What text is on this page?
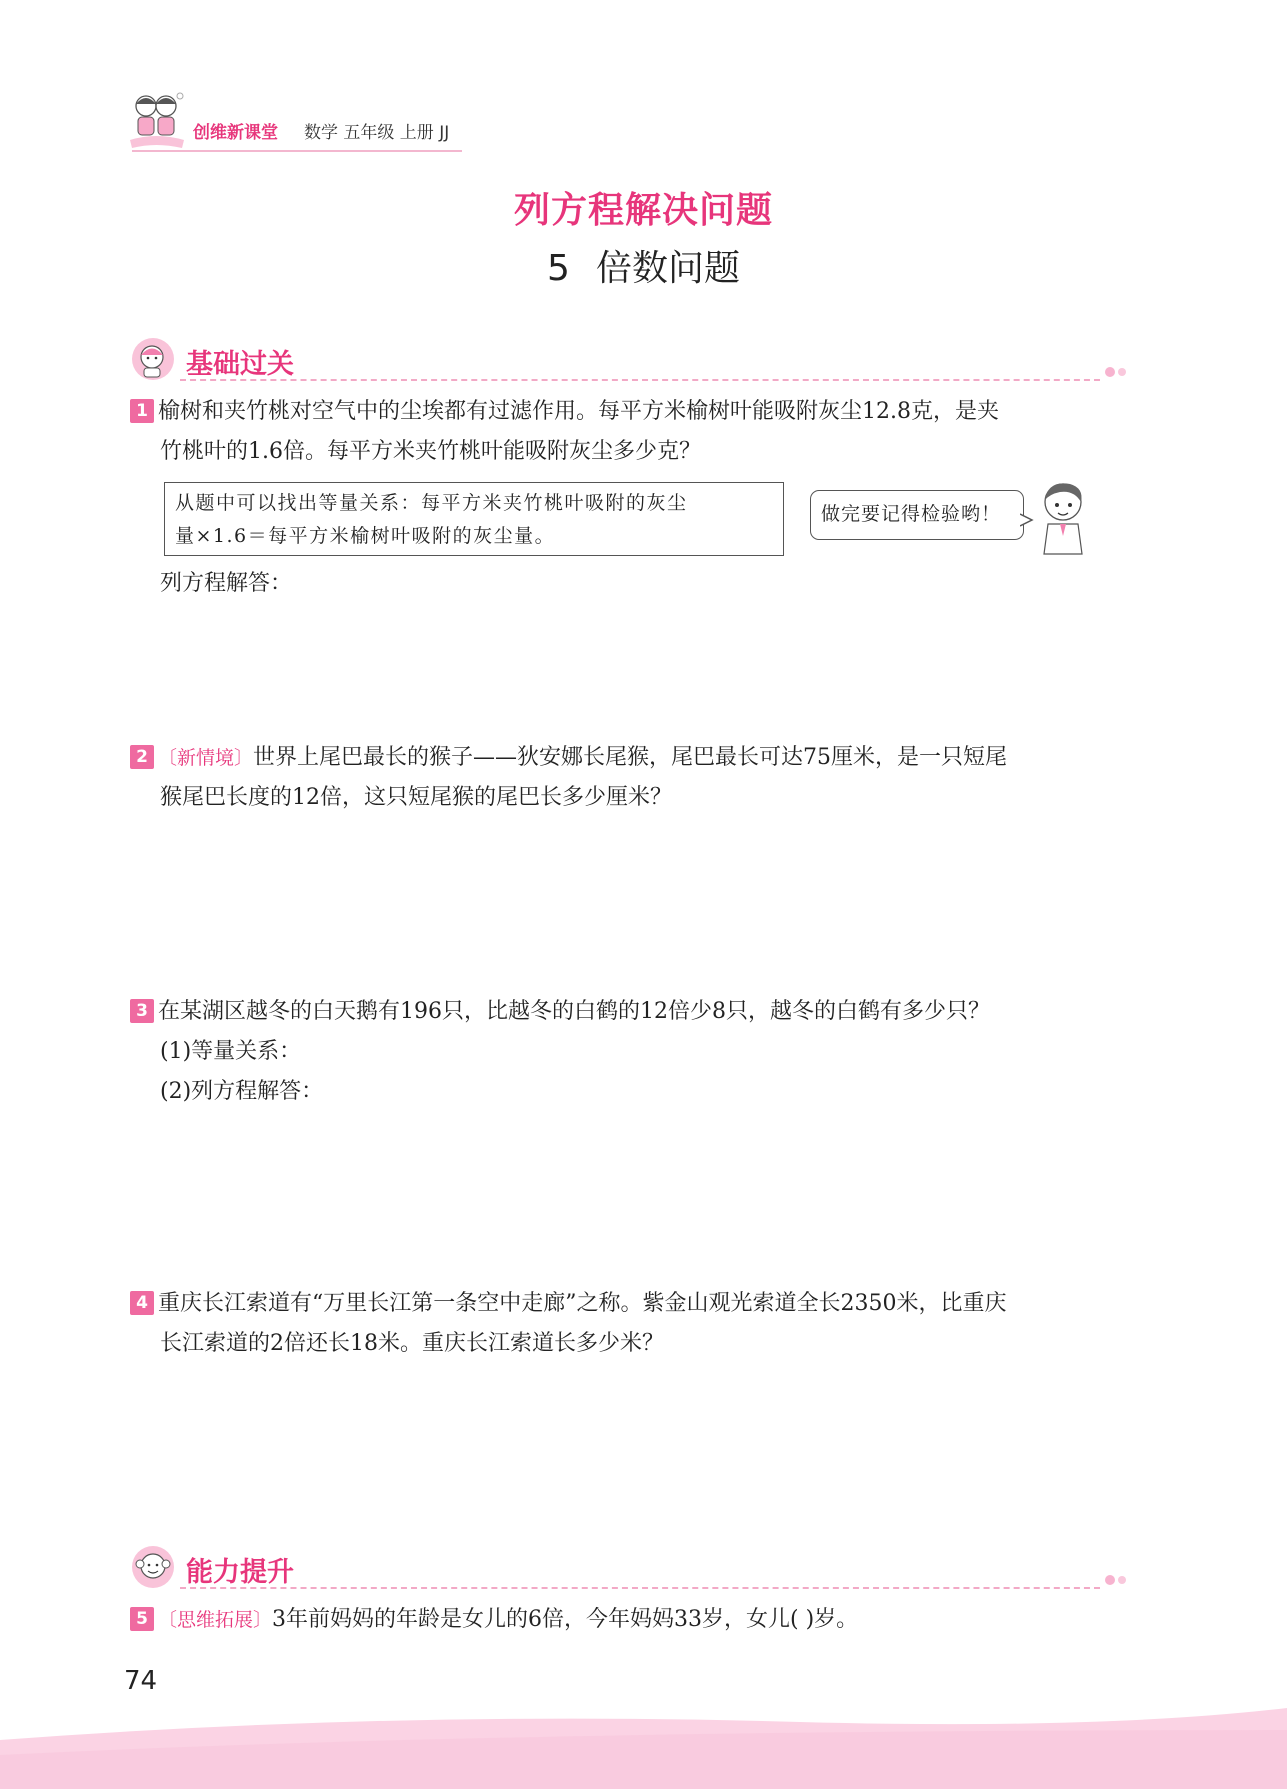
创维新课堂 数学 五年级 上册 JJ
列方程解决问题
5 倍数问题
基础过关
1 榆树和夹竹桃对空气中的尘埃都有过滤作用。每平方米榆树叶能吸附灰尘12.8克，是夹
竹桃叶的1.6倍。每平方米夹竹桃叶能吸附灰尘多少克？
从题中可以找出等量关系：每平方米夹竹桃叶吸附的灰尘
量×1.6＝每平方米榆树叶吸附的灰尘量。
做完要记得检验哟！
列方程解答：
2 〔新情境〕世界上尾巴最长的猴子——狄安娜长尾猴，尾巴最长可达75厘米，是一只短尾
猴尾巴长度的12倍，这只短尾猴的尾巴长多少厘米？
3 在某湖区越冬的白天鹅有196只，比越冬的白鹤的12倍少8只，越冬的白鹤有多少只？
(1)等量关系：
(2)列方程解答：
4 重庆长江索道有“万里长江第一条空中走廊”之称。紫金山观光索道全长2350米，比重庆
长江索道的2倍还长18米。重庆长江索道长多少米？
能力提升
5 〔思维拓展〕3年前妈妈的年龄是女儿的6倍，今年妈妈33岁，女儿( )岁。
74
